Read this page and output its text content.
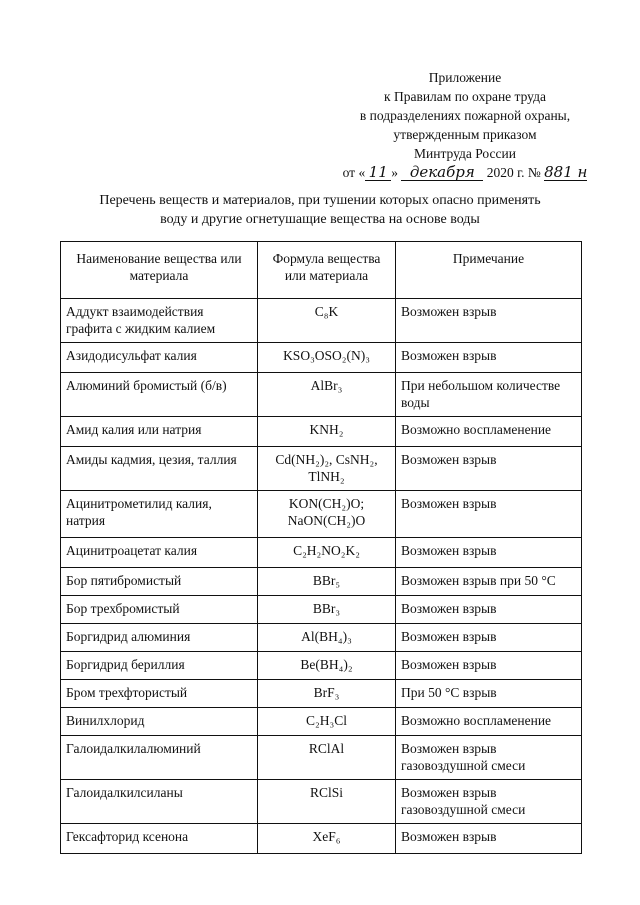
Приложение
к Правилам по охране труда
в подразделениях пожарной охраны,
утвержденным приказом
Минтруда России
от « 11 » декабря 2020 г. № 881 н
Перечень веществ и материалов, при тушении которых опасно применять
воду и другие огнетушащие вещества на основе воды
Наименование вещества или материала	Формула вещества или материала	Примечание
Аддукт взаимодействия графита с жидким калием	C₈K	Возможен взрыв
Азидодисульфат калия	KSO₃OSO₂(N)₃	Возможен взрыв
Алюминий бромистый (б/в)	AlBr₃	При небольшом количестве воды
Амид калия или натрия	KNH₂	Возможно воспламенение
Амиды кадмия, цезия, таллия	Cd(NH₂)₂, CsNH₂, TlNH₂	Возможен взрыв
Ацинитрометилид калия, натрия	KON(CH₂)O; NaON(CH₂)O	Возможен взрыв
Ацинитроацетат калия	C₂H₂NO₂K₂	Возможен взрыв
Бор пятибромистый	BBr₅	Возможен взрыв при 50 °С
Бор трехбромистый	BBr₃	Возможен взрыв
Боргидрид алюминия	Al(BH₄)₃	Возможен взрыв
Боргидрид бериллия	Be(BH₄)₂	Возможен взрыв
Бром трехфтористый	BrF₃	При 50 °С взрыв
Винилхлорид	C₂H₃Cl	Возможно воспламенение
Галоидалкилалюминий	RClAl	Возможен взрыв газовоздушной смеси
Галоидалкилсиланы	RClSi	Возможен взрыв газовоздушной смеси
Гексафторид ксенона	XeF₆	Возможен взрыв
